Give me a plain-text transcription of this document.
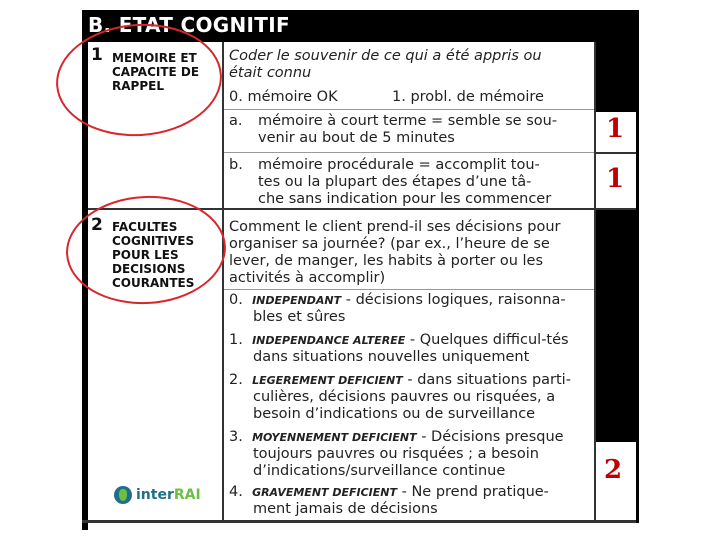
B. ETAT COGNITIF
1 MEMOIRE ET
CAPACITE DE
RAPPEL
Coder le souvenir de ce qui a été appris ou
était connu
0. mémoire OK	1. probl. de mémoire
a. mémoire à court terme = semble se sou-
venir au bout de 5 minutes
b. mémoire procédurale = accomplit tou-
tes ou la plupart des étapes d’une tâ-
che sans indication pour les commencer
1
1
2 FACULTES
COGNITIVES
POUR LES
DECISIONS
COURANTES
Comment le client prend-il ses décisions pour
organiser sa journée? (par ex., l’heure de se
lever, de manger, les habits à porter ou les
activités à accomplir)
0. INDEPENDANT - décisions logiques, raisonna-
bles et sûres
1. INDEPENDANCE ALTEREE - Quelques difficul-tés
dans situations nouvelles uniquement
2. LEGEREMENT DEFICIENT - dans situations parti-
culières, décisions pauvres ou risquées, a
besoin d’indications ou de surveillance
3. MOYENNEMENT DEFICIENT - Décisions presque
toujours pauvres ou risquées ; a besoin
d’indications/surveillance continue
4. GRAVEMENT DEFICIENT - Ne prend pratique-
ment jamais de décisions
2
interRAI
